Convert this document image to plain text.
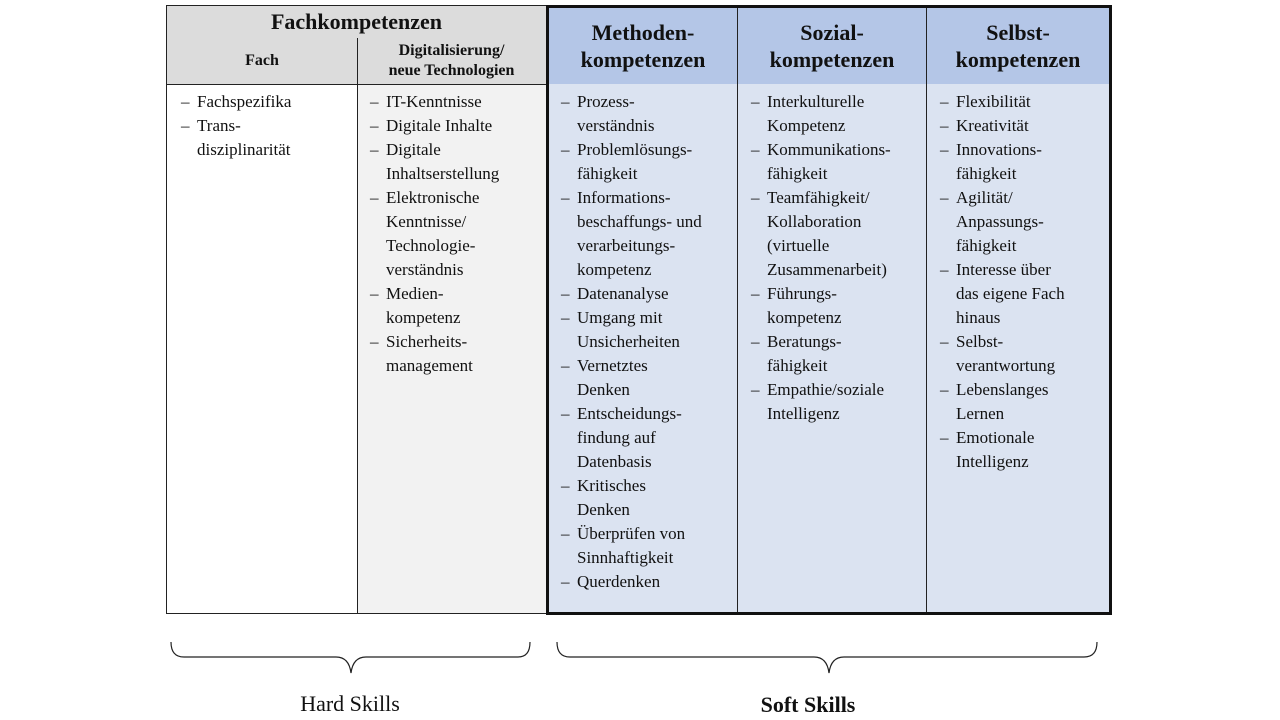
Fachkompetenzen
Fach
Digitalisierung/
neue Technologien
– Fachspezifika
– Trans-
disziplinarität
– IT-Kenntnisse
– Digitale Inhalte
– Digitale
Inhaltserstellung
– Elektronische
Kenntnisse/
Technologie-
verständnis
– Medien-
kompetenz
– Sicherheits-
management
Methoden-
kompetenzen
Sozial-
kompetenzen
Selbst-
kompetenzen
– Prozess-
verständnis
– Problemlösungs-
fähigkeit
– Informations-
beschaffungs- und
verarbeitungs-
kompetenz
– Datenanalyse
– Umgang mit
Unsicherheiten
– Vernetztes
Denken
– Entscheidungs-
findung auf
Datenbasis
– Kritisches
Denken
– Überprüfen von
Sinnhaftigkeit
– Querdenken
– Interkulturelle
Kompetenz
– Kommunikations-
fähigkeit
– Teamfähigkeit/
Kollaboration
(virtuelle
Zusammenarbeit)
– Führungs-
kompetenz
– Beratungs-
fähigkeit
– Empathie/soziale
Intelligenz
– Flexibilität
– Kreativität
– Innovations-
fähigkeit
– Agilität/
Anpassungs-
fähigkeit
– Interesse über
das eigene Fach
hinaus
– Selbst-
verantwortung
– Lebenslanges
Lernen
– Emotionale
Intelligenz
Hard Skills	Soft Skills
